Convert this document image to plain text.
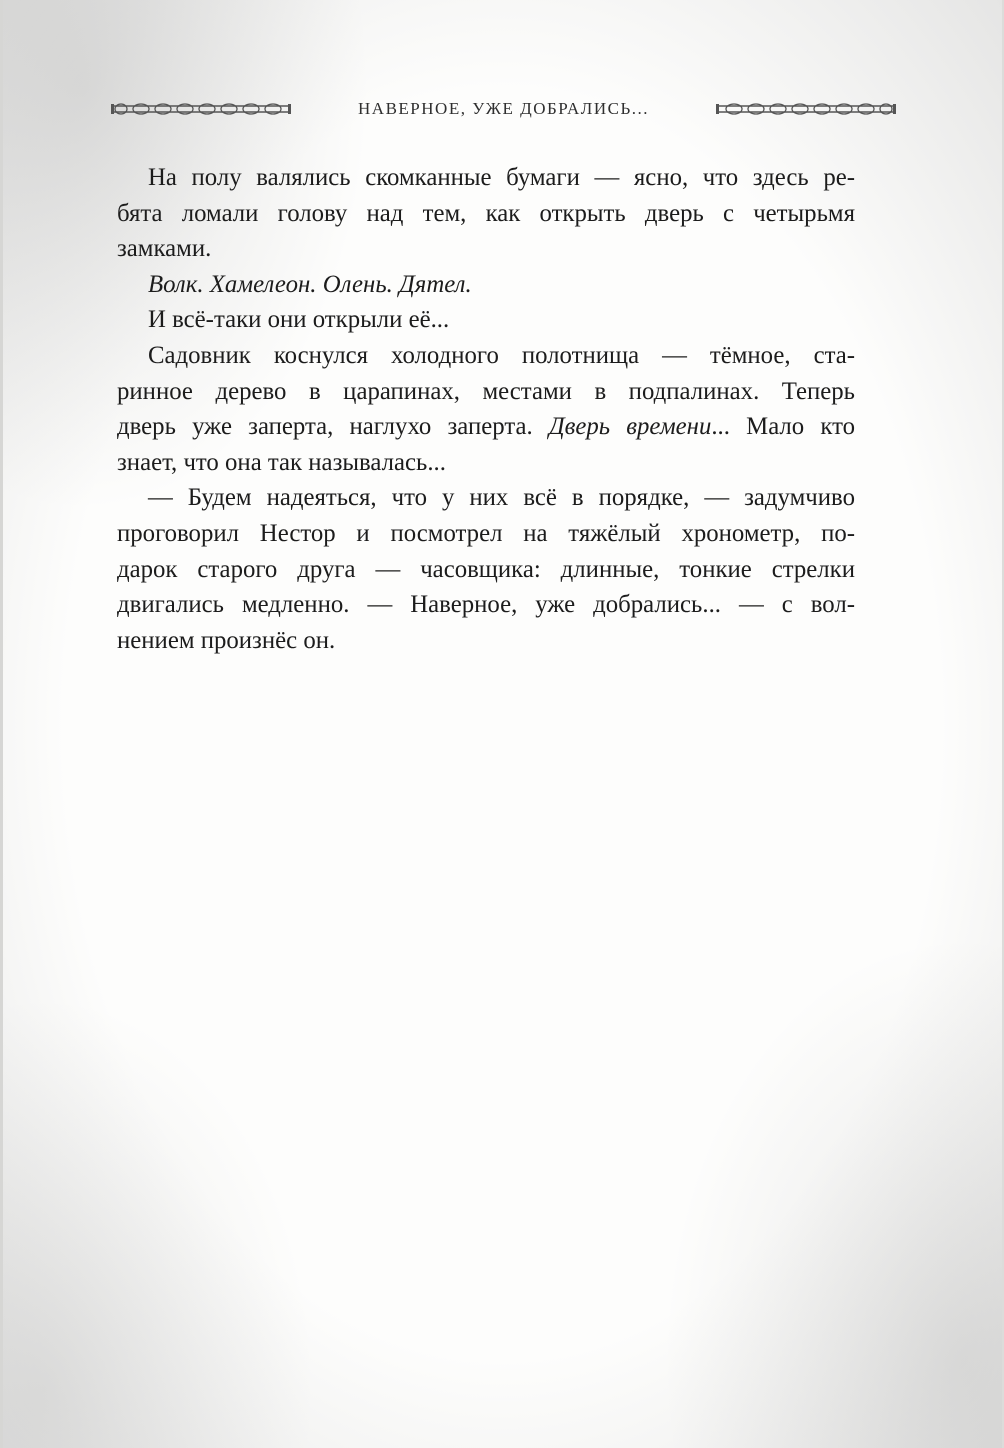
НАВЕРНОЕ, УЖЕ ДОБРАЛИСЬ...
На полу валялись скомканные бумаги — ясно, что здесь ре-
бята ломали голову над тем, как открыть дверь с четырьмя
замками.
Волк. Хамелеон. Олень. Дятел.
И всё-таки они открыли её...
Садовник коснулся холодного полотнища — тёмное, ста-
ринное дерево в царапинах, местами в подпалинах. Теперь
дверь уже заперта, наглухо заперта. Дверь времени... Мало кто
знает, что она так называлась...
— Будем надеяться, что у них всё в порядке, — задумчиво
проговорил Нестор и посмотрел на тяжёлый хронометр, по-
дарок старого друга — часовщика: длинные, тонкие стрелки
двигались медленно. — Наверное, уже добрались... — с вол-
нением произнёс он.
